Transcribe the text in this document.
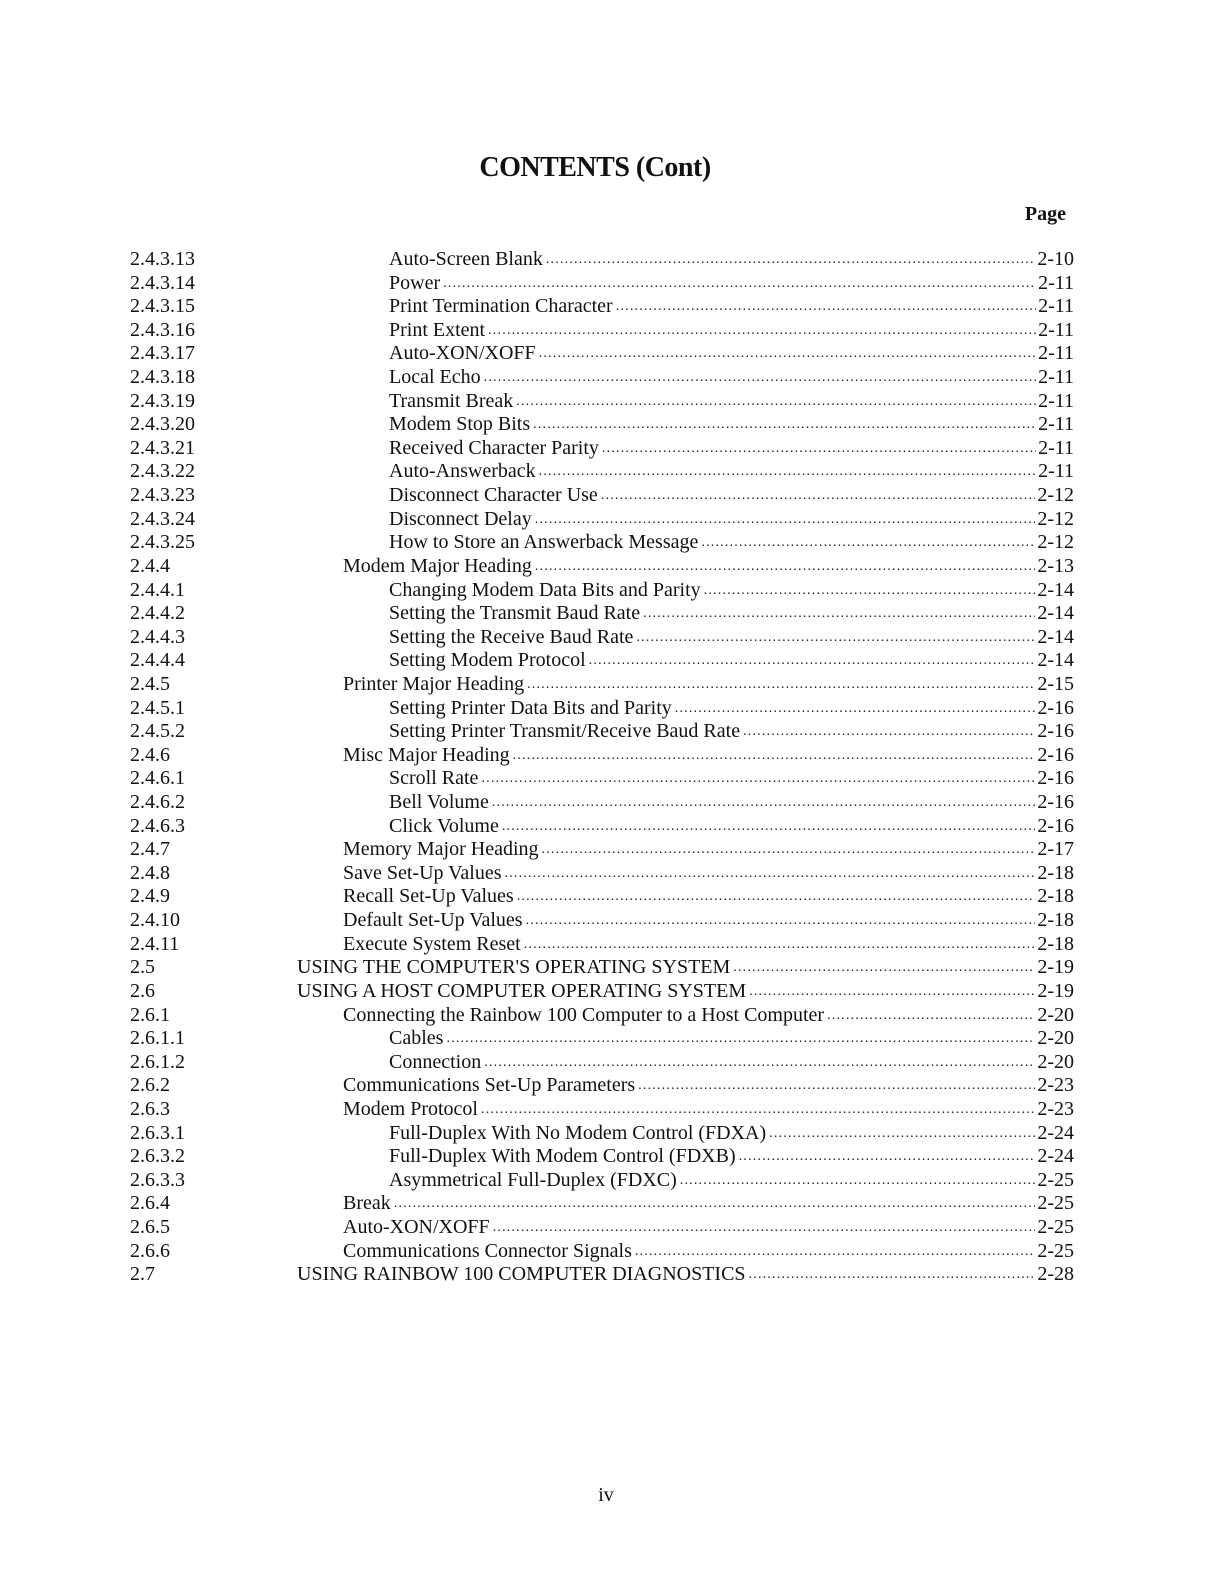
CONTENTS (Cont)
Page
2.4.3.13	Auto-Screen Blank .....	2-10
2.4.3.14	Power .....	2-11
2.4.3.15	Print Termination Character .....	2-11
2.4.3.16	Print Extent .....	2-11
2.4.3.17	Auto-XON/XOFF .....	2-11
2.4.3.18	Local Echo .....	2-11
2.4.3.19	Transmit Break .....	2-11
2.4.3.20	Modem Stop Bits .....	2-11
2.4.3.21	Received Character Parity .....	2-11
2.4.3.22	Auto-Answerback .....	2-11
2.4.3.23	Disconnect Character Use .....	2-12
2.4.3.24	Disconnect Delay .....	2-12
2.4.3.25	How to Store an Answerback Message .....	2-12
2.4.4	Modem Major Heading .....	2-13
2.4.4.1	Changing Modem Data Bits and Parity .....	2-14
2.4.4.2	Setting the Transmit Baud Rate .....	2-14
2.4.4.3	Setting the Receive Baud Rate .....	2-14
2.4.4.4	Setting Modem Protocol .....	2-14
2.4.5	Printer Major Heading .....	2-15
2.4.5.1	Setting Printer Data Bits and Parity .....	2-16
2.4.5.2	Setting Printer Transmit/Receive Baud Rate .....	2-16
2.4.6	Misc Major Heading .....	2-16
2.4.6.1	Scroll Rate .....	2-16
2.4.6.2	Bell Volume .....	2-16
2.4.6.3	Click Volume .....	2-16
2.4.7	Memory Major Heading .....	2-17
2.4.8	Save Set-Up Values .....	2-18
2.4.9	Recall Set-Up Values .....	2-18
2.4.10	Default Set-Up Values .....	2-18
2.4.11	Execute System Reset .....	2-18
2.5	USING THE COMPUTER'S OPERATING SYSTEM .....	2-19
2.6	USING A HOST COMPUTER OPERATING SYSTEM .....	2-19
2.6.1	Connecting the Rainbow 100 Computer to a Host Computer .....	2-20
2.6.1.1	Cables .....	2-20
2.6.1.2	Connection .....	2-20
2.6.2	Communications Set-Up Parameters .....	2-23
2.6.3	Modem Protocol .....	2-23
2.6.3.1	Full-Duplex With No Modem Control (FDXA) .....	2-24
2.6.3.2	Full-Duplex With Modem Control (FDXB) .....	2-24
2.6.3.3	Asymmetrical Full-Duplex (FDXC) .....	2-25
2.6.4	Break .....	2-25
2.6.5	Auto-XON/XOFF .....	2-25
2.6.6	Communications Connector Signals .....	2-25
2.7	USING RAINBOW 100 COMPUTER DIAGNOSTICS .....	2-28
iv
